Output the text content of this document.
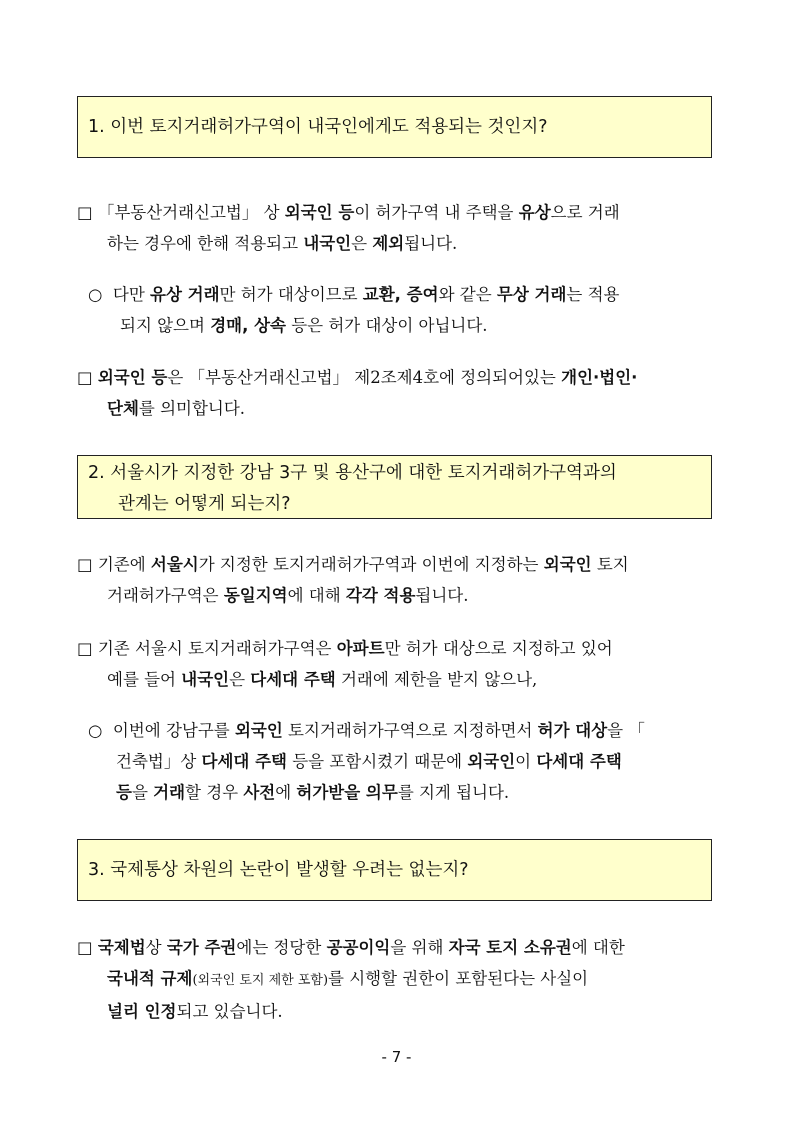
1. 이번 토지거래허가구역이 내국인에게도 적용되는 것인지?
□ 「부동산거래신고법」 상 외국인 등이 허가구역 내 주택을 유상으로 거래
하는 경우에 한해 적용되고 내국인은 제외됩니다.
○ 다만 유상 거래만 허가 대상이므로 교환, 증여와 같은 무상 거래는 적용
되지 않으며 경매, 상속 등은 허가 대상이 아닙니다.
□ 외국인 등은 「부동산거래신고법」 제2조제4호에 정의되어있는 개인·법인·
단체를 의미합니다.
2. 서울시가 지정한 강남 3구 및 용산구에 대한 토지거래허가구역과의
관계는 어떻게 되는지?
□ 기존에 서울시가 지정한 토지거래허가구역과 이번에 지정하는 외국인 토지
거래허가구역은 동일지역에 대해 각각 적용됩니다.
□ 기존 서울시 토지거래허가구역은 아파트만 허가 대상으로 지정하고 있어
예를 들어 내국인은 다세대 주택 거래에 제한을 받지 않으나,
○ 이번에 강남구를 외국인 토지거래허가구역으로 지정하면서 허가 대상을 「
건축법」상 다세대 주택 등을 포함시켰기 때문에 외국인이 다세대 주택
등을 거래할 경우 사전에 허가받을 의무를 지게 됩니다.
3. 국제통상 차원의 논란이 발생할 우려는 없는지?
□ 국제법상 국가 주권에는 정당한 공공이익을 위해 자국 토지 소유권에 대한
국내적 규제(외국인 토지 제한 포함)를 시행할 권한이 포함된다는 사실이
널리 인정되고 있습니다.
- 7 -
